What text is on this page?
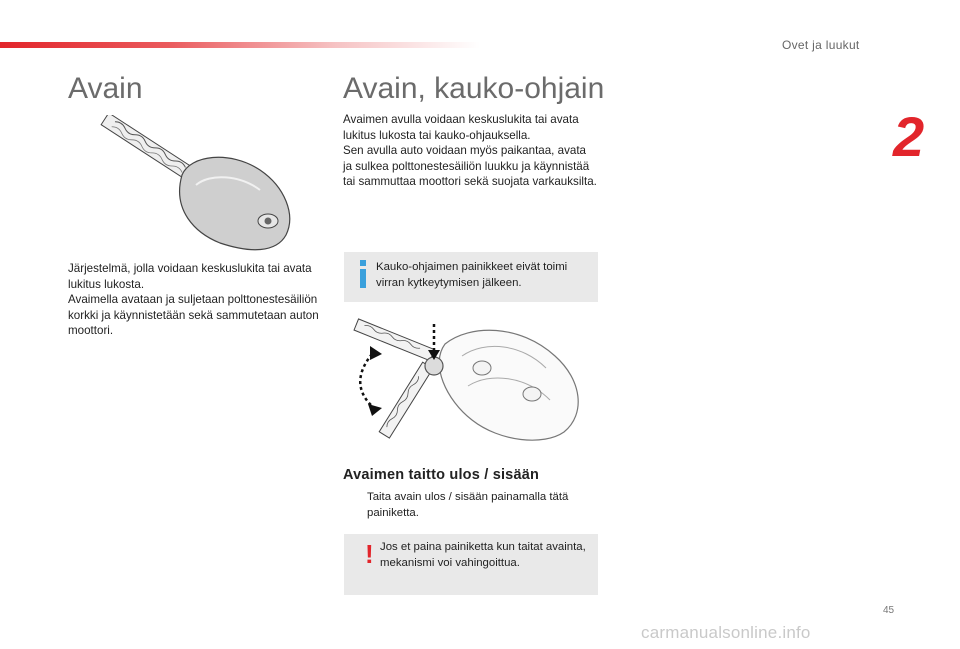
Ovet ja luukut
2
Avain

Järjestelmä, jolla voidaan keskuslukita tai avata lukitus lukosta.

Avaimella avataan ja suljetaan polttonestesäiliön korkki ja käynnistetään sekä sammutetaan auton moottori.

Avain, kauko-ohjain

Avaimen avulla voidaan keskuslukita tai avata lukitus lukosta tai kauko-ohjauksella.

Sen avulla auto voidaan myös paikantaa, avata ja sulkea polttonestesäiliön luukku ja käynnistää tai sammuttaa moottori sekä suojata varkauksilta.

Kauko-ohjaimen painikkeet eivät toimi virran kytkeytymisen jälkeen.
Avaimen taitto ulos / sisään
Taita avain ulos / sisään painamalla tätä painiketta.
! Jos et paina painiketta kun taitat avainta, mekanismi voi vahingoittua.
45
carmanualsonline.info
